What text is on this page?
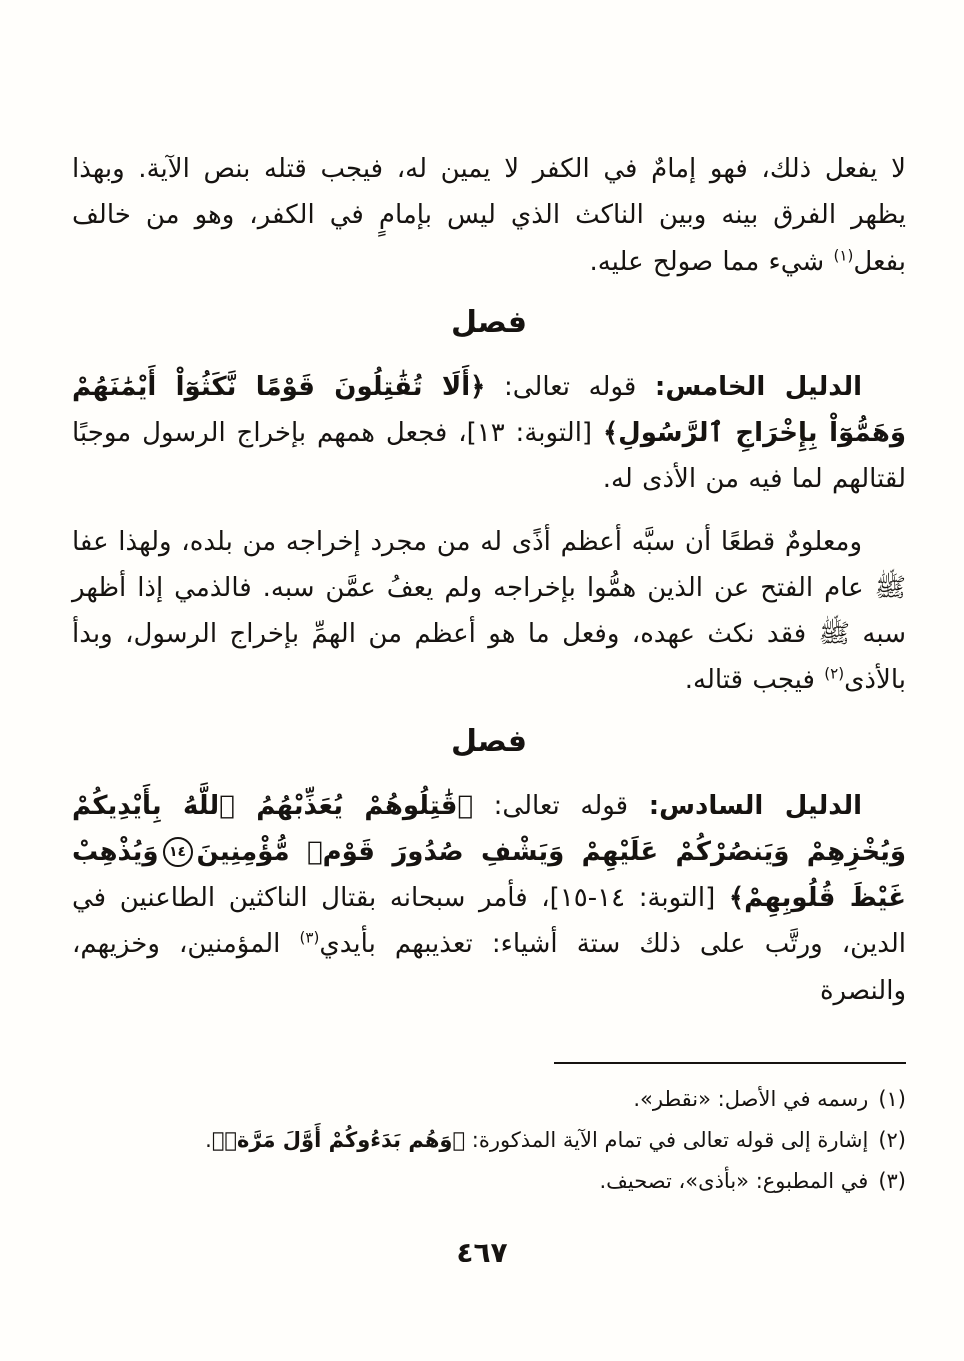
لا يفعل ذلك، فهو إمامٌ في الكفر لا يمين له، فيجب قتله بنص الآية. وبهذا يظهر الفرق بينه وبين الناكث الذي ليس بإمامٍ في الكفر، وهو من خالف بفعل$^{(١)}$ شيء مما صولح عليه.

فصل

الدليل الخامس: قوله تعالى: ﴿أَلَا تُقَٰتِلُونَ قَوْمًا نَّكَثُوٓاْ أَيْمَٰنَهُمْ وَهَمُّوٓاْ بِإِخْرَاجِ ٱلرَّسُولِ﴾ [التوبة: ١٣]، فجعل همهم بإخراج الرسول موجبًا لقتالهم لما فيه من الأذى له.

ومعلومٌ قطعًا أن سبَّه أعظم أذًى له من مجرد إخراجه من بلده، ولهذا عفا ﷺ عام الفتح عن الذين همُّوا بإخراجه ولم يعفُ عمَّن سبه. فالذمي إذا أظهر سبه ﷺ فقد نكث عهده، وفعل ما هو أعظم من الهمِّ بإخراج الرسول، وبدأ بالأذى$^{(٢)}$ فيجب قتاله.

فصل

الدليل السادس: قوله تعالى: ﴿قَٰتِلُوهُمْ يُعَذِّبْهُمُ ٱللَّهُ بِأَيْدِيكُمْ وَيُخْزِهِمْ وَيَنصُرْكُمْ عَلَيْهِمْ وَيَشْفِ صُدُورَ قَوْمٖ مُّؤْمِنِينَ١٤وَيُذْهِبْ غَيْظَ قُلُوبِهِمْ﴾ [التوبة: ١٤-١٥]، فأمر سبحانه بقتال الناكثين الطاعنين في الدين، ورتَّب على ذلك ستة أشياء: تعذيبهم بأيدي$^{(٣)}$ المؤمنين، وخزيهم، والنصرة

(١)رسمه في الأصل: «نقطر».
(٢)إشارة إلى قوله تعالى في تمام الآية المذكورة: ﴿وَهُم بَدَءُوكُمْ أَوَّلَ مَرَّةٖ﴾.
(٣)في المطبوع: «بأذى»، تصحيف.
٤٦٧
